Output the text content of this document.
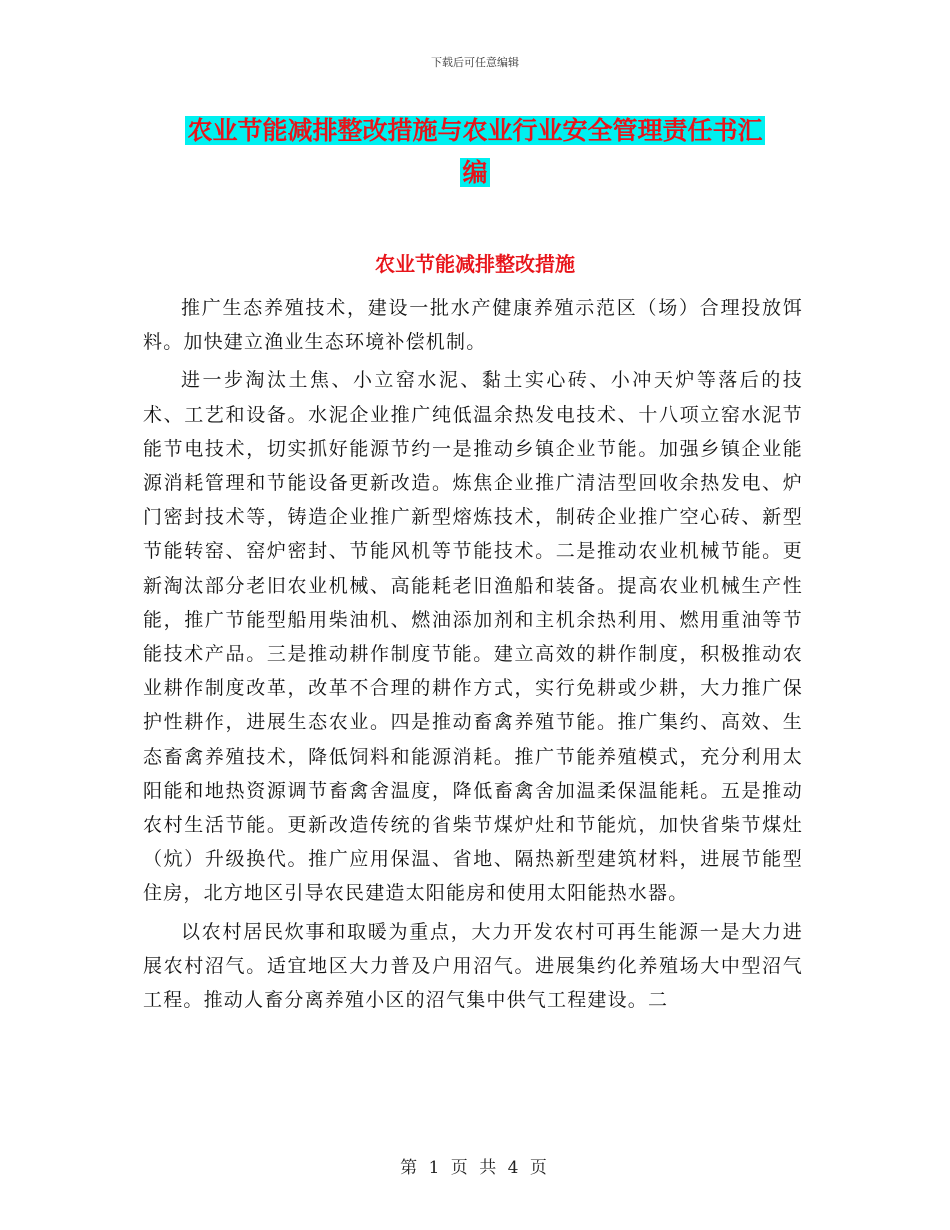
下载后可任意编辑
农业节能减排整改措施与农业行业安全管理责任书汇
编
农业节能减排整改措施

推广生态养殖技术，建设一批水产健康养殖示范区（场）合理投放饵料。加快建立渔业生态环境补偿机制。

进一步淘汰土焦、小立窑水泥、黏土实心砖、小冲天炉等落后的技术、工艺和设备。水泥企业推广纯低温余热发电技术、十八项立窑水泥节能节电技术，切实抓好能源节约一是推动乡镇企业节能。加强乡镇企业能源消耗管理和节能设备更新改造。炼焦企业推广清洁型回收余热发电、炉门密封技术等，铸造企业推广新型熔炼技术，制砖企业推广空心砖、新型节能转窑、窑炉密封、节能风机等节能技术。二是推动农业机械节能。更新淘汰部分老旧农业机械、高能耗老旧渔船和装备。提高农业机械生产性能，推广节能型船用柴油机、燃油添加剂和主机余热利用、燃用重油等节能技术产品。三是推动耕作制度节能。建立高效的耕作制度，积极推动农业耕作制度改革，改革不合理的耕作方式，实行免耕或少耕，大力推广保护性耕作，进展生态农业。四是推动畜禽养殖节能。推广集约、高效、生态畜禽养殖技术，降低饲料和能源消耗。推广节能养殖模式，充分利用太阳能和地热资源调节畜禽舍温度，降低畜禽舍加温柔保温能耗。五是推动农村生活节能。更新改造传统的省柴节煤炉灶和节能炕，加快省柴节煤灶（炕）升级换代。推广应用保温、省地、隔热新型建筑材料，进展节能型住房，北方地区引导农民建造太阳能房和使用太阳能热水器。

以农村居民炊事和取暖为重点，大力开发农村可再生能源一是大力进展农村沼气。适宜地区大力普及户用沼气。进展集约化养殖场大中型沼气工程。推动人畜分离养殖小区的沼气集中供气工程建设。二

第 1 页 共 4 页
